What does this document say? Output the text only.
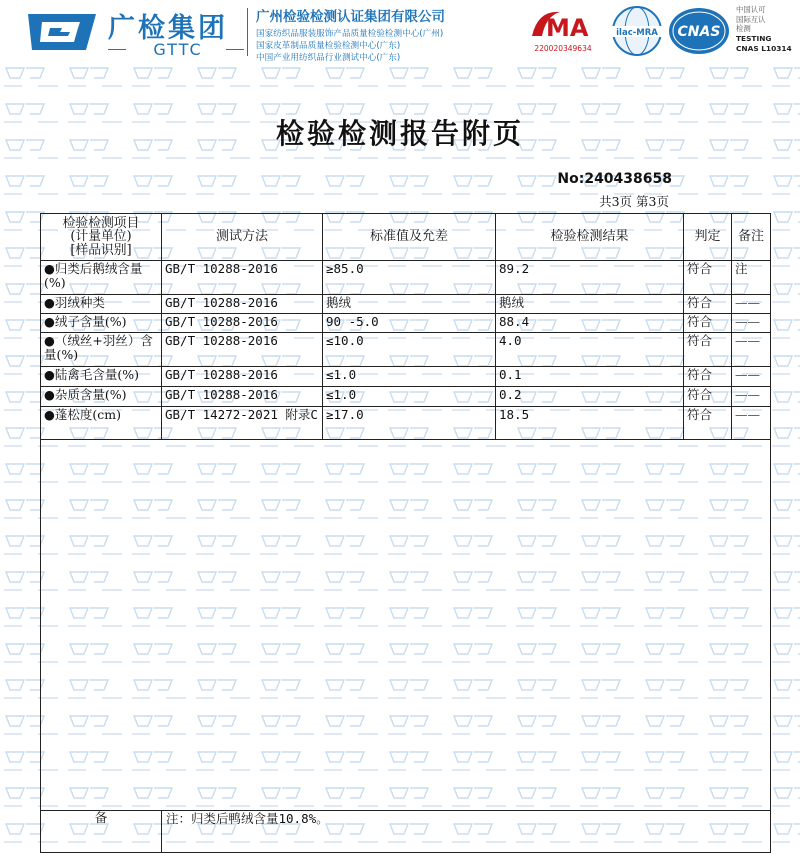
广检集团
GTTC
广州检验检测认证集团有限公司
国家纺织品服装服饰产品质量检验检测中心(广州)
国家皮革制品质量检验检测中心(广东)
中国产业用纺织品行业测试中心(广东)
MA
220020349634
ilac-MRA CNAS
中国认可
国际互认
检测
TESTING
CNAS L10314
检验检测报告附页
No:240438658
共3页 第3页
检验检测项目
(计量单位)
[样品识别]	测试方法	标准值及允差	检验检测结果	判定	备注
●归类后鹅绒含量(%)	GB/T 10288-2016	≥85.0	89.2	符合	注
●羽绒种类	GB/T 10288-2016	鹅绒	鹅绒	符合	——
●绒子含量(%)	GB/T 10288-2016	90 -5.0	88.4	符合	——
●（绒丝+羽丝）含量(%)	GB/T 10288-2016	≤10.0	4.0	符合	——
●陆禽毛含量(%)	GB/T 10288-2016	≤1.0	0.1	符合	——
●杂质含量(%)	GB/T 10288-2016	≤1.0	0.2	符合	——
●蓬松度(cm)	GB/T 14272-2021 附录C	≥17.0	18.5	符合	——

备	注：归类后鸭绒含量10.8%。				
